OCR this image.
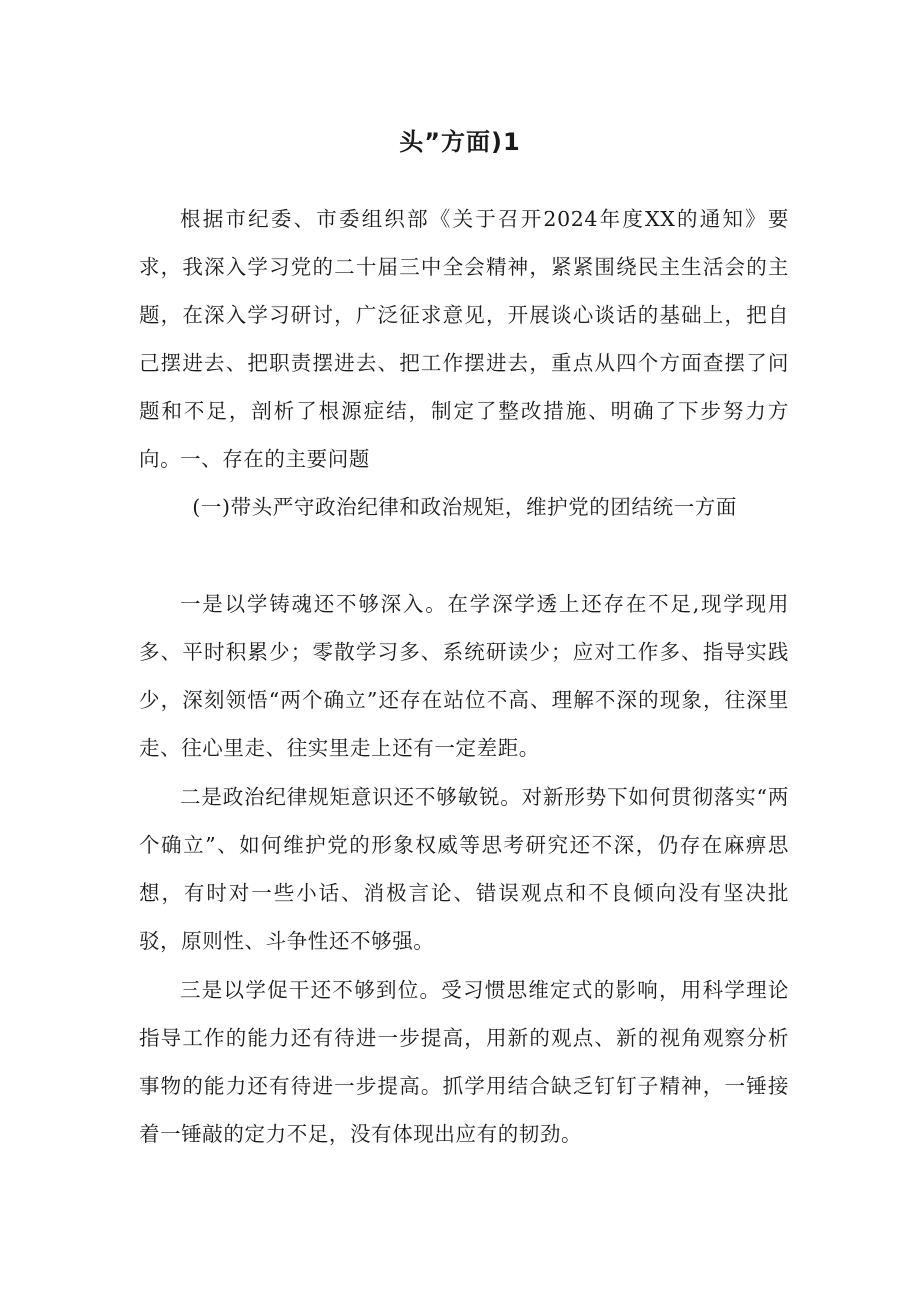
头”方面)1

根据市纪委、市委组织部《关于召开2024年度XX的通知》要求，我深入学习党的二十届三中全会精神，紧紧围绕民主生活会的主题，在深入学习研讨，广泛征求意见，开展谈心谈话的基础上，把自己摆进去、把职责摆进去、把工作摆进去，重点从四个方面查摆了问题和不足，剖析了根源症结，制定了整改措施、明确了下步努力方向。

一、存在的主要问题

(一)带头严守政治纪律和政治规矩，维护党的团结统一方面

一是以学铸魂还不够深入。在学深学透上还存在不足,现学现用多、平时积累少；零散学习多、系统研读少；应对工作多、指导实践少，深刻领悟“两个确立”还存在站位不高、理解不深的现象，往深里走、往心里走、往实里走上还有一定差距。

二是政治纪律规矩意识还不够敏锐。对新形势下如何贯彻落实“两个确立”、如何维护党的形象权威等思考研究还不深，仍存在麻痹思想，有时对一些小话、消极言论、错误观点和不良倾向没有坚决批驳，原则性、斗争性还不够强。

三是以学促干还不够到位。受习惯思维定式的影响，用科学理论指导工作的能力还有待进一步提高，用新的观点、新的视角观察分析事物的能力还有待进一步提高。抓学用结合缺乏钉钉子精神，一锤接着一锤敲的定力不足，没有体现出应有的韧劲。
